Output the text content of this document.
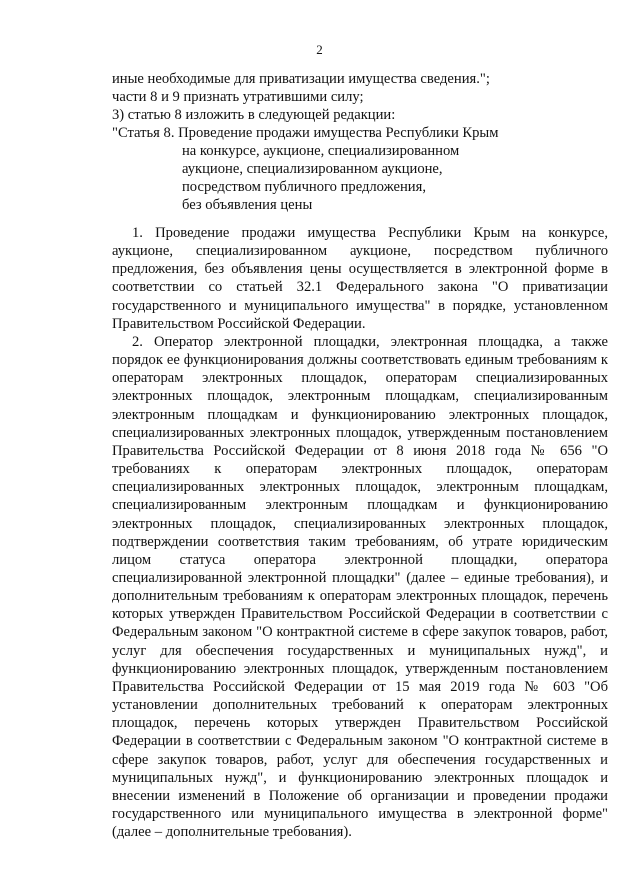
2
иные необходимые для приватизации имущества сведения.";
части 8 и 9 признать утратившими силу;
3) статью 8 изложить в следующей редакции:
"Статья 8. Проведение продажи имущества Республики Крым
на конкурсе, аукционе, специализированном
аукционе, специализированном аукционе,
посредством публичного предложения,
без объявления цены

1. Проведение продажи имущества Республики Крым на конкурсе, аукционе, специализированном аукционе, посредством публичного предложения, без объявления цены осуществляется в электронной форме в соответствии со статьей 32.1 Федерального закона "О приватизации государственного и муниципального имущества" в порядке, установленном Правительством Российской Федерации.

2. Оператор электронной площадки, электронная площадка, а также порядок ее функционирования должны соответствовать единым требованиям к операторам электронных площадок, операторам специализированных электронных площадок, электронным площадкам, специализированным электронным площадкам и функционированию электронных площадок, специализированных электронных площадок, утвержденным постановлением Правительства Российской Федерации от 8 июня 2018 года № 656 "О требованиях к операторам электронных площадок, операторам специализированных электронных площадок, электронным площадкам, специализированным электронным площадкам и функционированию электронных площадок, специализированных электронных площадок, подтверждении соответствия таким требованиям, об утрате юридическим лицом статуса оператора электронной площадки, оператора специализированной электронной площадки" (далее – единые требования), и дополнительным требованиям к операторам электронных площадок, перечень которых утвержден Правительством Российской Федерации в соответствии с Федеральным законом "О контрактной системе в сфере закупок товаров, работ, услуг для обеспечения государственных и муниципальных нужд", и функционированию электронных площадок, утвержденным постановлением Правительства Российской Федерации от 15 мая 2019 года № 603 "Об установлении дополнительных требований к операторам электронных площадок, перечень которых утвержден Правительством Российской Федерации в соответствии с Федеральным законом "О контрактной системе в сфере закупок товаров, работ, услуг для обеспечения государственных и муниципальных нужд", и функционированию электронных площадок и внесении изменений в Положение об организации и проведении продажи государственного или муниципального имущества в электронной форме" (далее – дополнительные требования).
